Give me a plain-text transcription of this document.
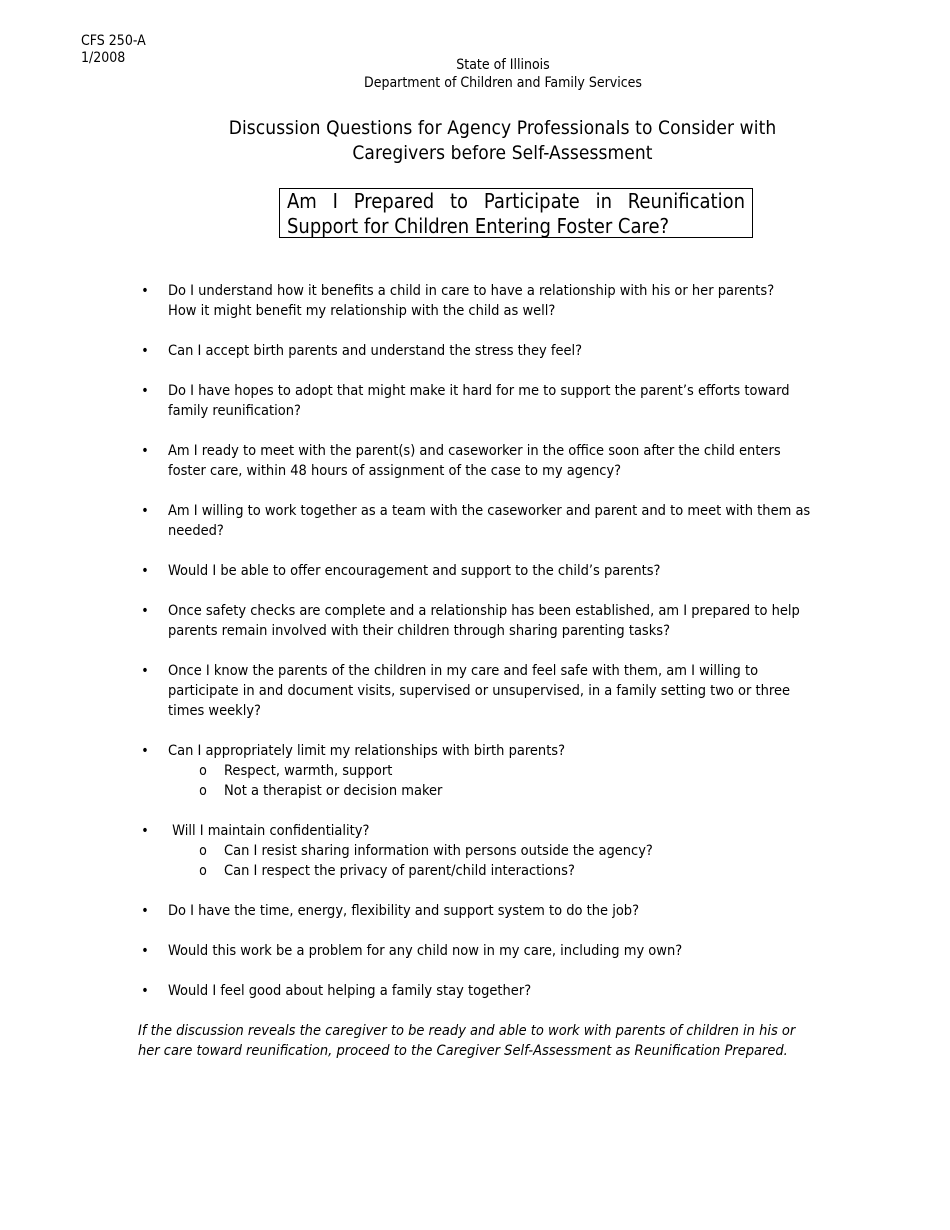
CFS 250-A
1/2008	State of Illinois
Department of Children and Family Services
Discussion Questions for Agency Professionals to Consider with
Caregivers before Self-Assessment
Am I Prepared to Participate in Reunification
Support for Children Entering Foster Care?
• Do I understand how it benefits a child in care to have a relationship with his or her parents?
How it might benefit my relationship with the child as well?
• Can I accept birth parents and understand the stress they feel?
• Do I have hopes to adopt that might make it hard for me to support the parent’s efforts toward
family reunification?
• Am I ready to meet with the parent(s) and caseworker in the office soon after the child enters
foster care, within 48 hours of assignment of the case to my agency?
• Am I willing to work together as a team with the caseworker and parent and to meet with them as
needed?
• Would I be able to offer encouragement and support to the child’s parents?
• Once safety checks are complete and a relationship has been established, am I prepared to help
parents remain involved with their children through sharing parenting tasks?
• Once I know the parents of the children in my care and feel safe with them, am I willing to
participate in and document visits, supervised or unsupervised, in a family setting two or three
times weekly?
• Can I appropriately limit my relationships with birth parents?
o Respect, warmth, support
o Not a therapist or decision maker
• Will I maintain confidentiality?
o Can I resist sharing information with persons outside the agency?
o Can I respect the privacy of parent/child interactions?
• Do I have the time, energy, flexibility and support system to do the job?
• Would this work be a problem for any child now in my care, including my own?
• Would I feel good about helping a family stay together?
If the discussion reveals the caregiver to be ready and able to work with parents of children in his or
her care toward reunification, proceed to the Caregiver Self-Assessment as Reunification Prepared.
